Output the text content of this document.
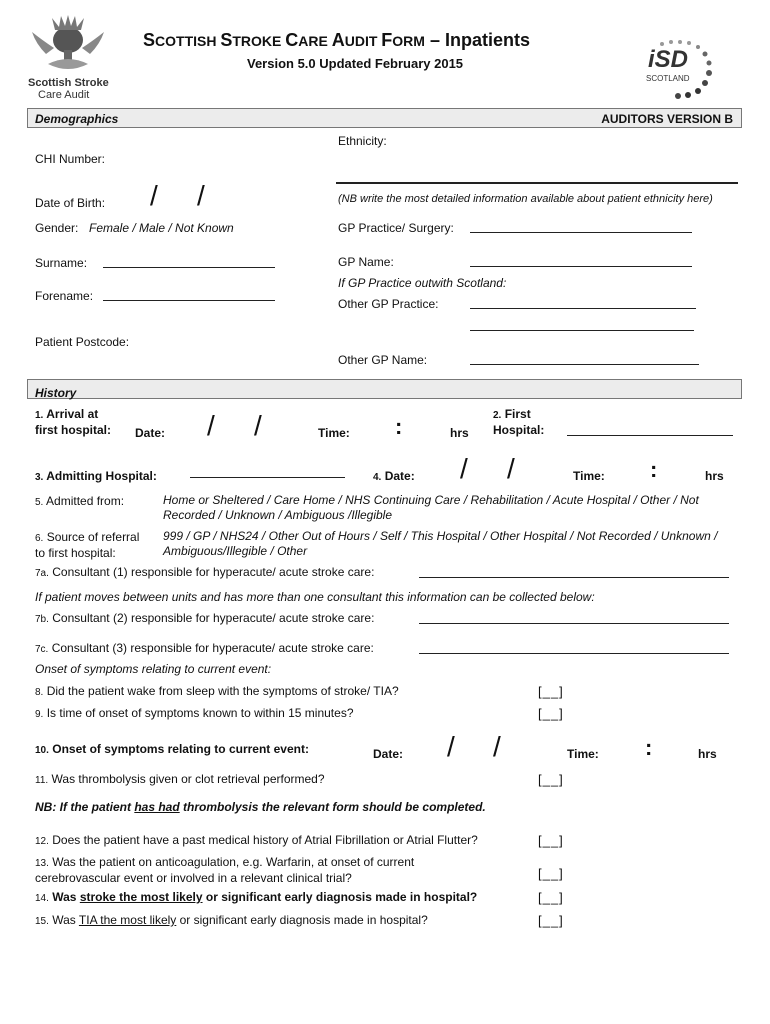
Scottish Stroke
Care Audit
SCOTTISH STROKE CARE AUDIT FORM – Inpatients
Version 5.0 Updated February 2015	iSD
SCOTLAND
Demographics	AUDITORS VERSION B
CHI Number:
Date of Birth: / /
Gender: Female / Male / Not Known
Surname:
Forename:
Patient Postcode:
Ethnicity:
(NB write the most detailed information available about patient ethnicity here)
GP Practice/ Surgery:
GP Name:
If GP Practice outwith Scotland:
Other GP Practice:
Other GP Name:
History
1. Arrival at
first hospital: Date: / /	Time: :	hrs
2. First
Hospital:
3. Admitting Hospital:	4. Date: / /	Time: :	hrs
5. Admitted from:	Home or Sheltered / Care Home / NHS Continuing Care / Rehabilitation / Acute Hospital / Other / Not Recorded / Unknown / Ambiguous /Illegible
6. Source of referral
to first hospital:
999 / GP / NHS24 / Other Out of Hours / Self / This Hospital / Other Hospital / Not Recorded / Unknown / Ambiguous/Illegible / Other
7a. Consultant (1) responsible for hyperacute/ acute stroke care:
If patient moves between units and has more than one consultant this information can be collected below:
7b. Consultant (2) responsible for hyperacute/ acute stroke care:
7c. Consultant (3) responsible for hyperacute/ acute stroke care:
Onset of symptoms relating to current event:
8. Did the patient wake from sleep with the symptoms of stroke/ TIA?	[__]
9. Is time of onset of symptoms known to within 15 minutes?	[__]
10. Onset of symptoms relating to current event:	Date: / /	Time: :	hrs
11. Was thrombolysis given or clot retrieval performed?	[__]
NB: If the patient has had thrombolysis the relevant form should be completed.
12. Does the patient have a past medical history of Atrial Fibrillation or Atrial Flutter?	[__]
13. Was the patient on anticoagulation, e.g. Warfarin, at onset of current
cerebrovascular event or involved in a relevant clinical trial?	[__]
14. Was stroke the most likely or significant early diagnosis made in hospital?	[__]
15. Was TIA the most likely or significant early diagnosis made in hospital?	[__]
